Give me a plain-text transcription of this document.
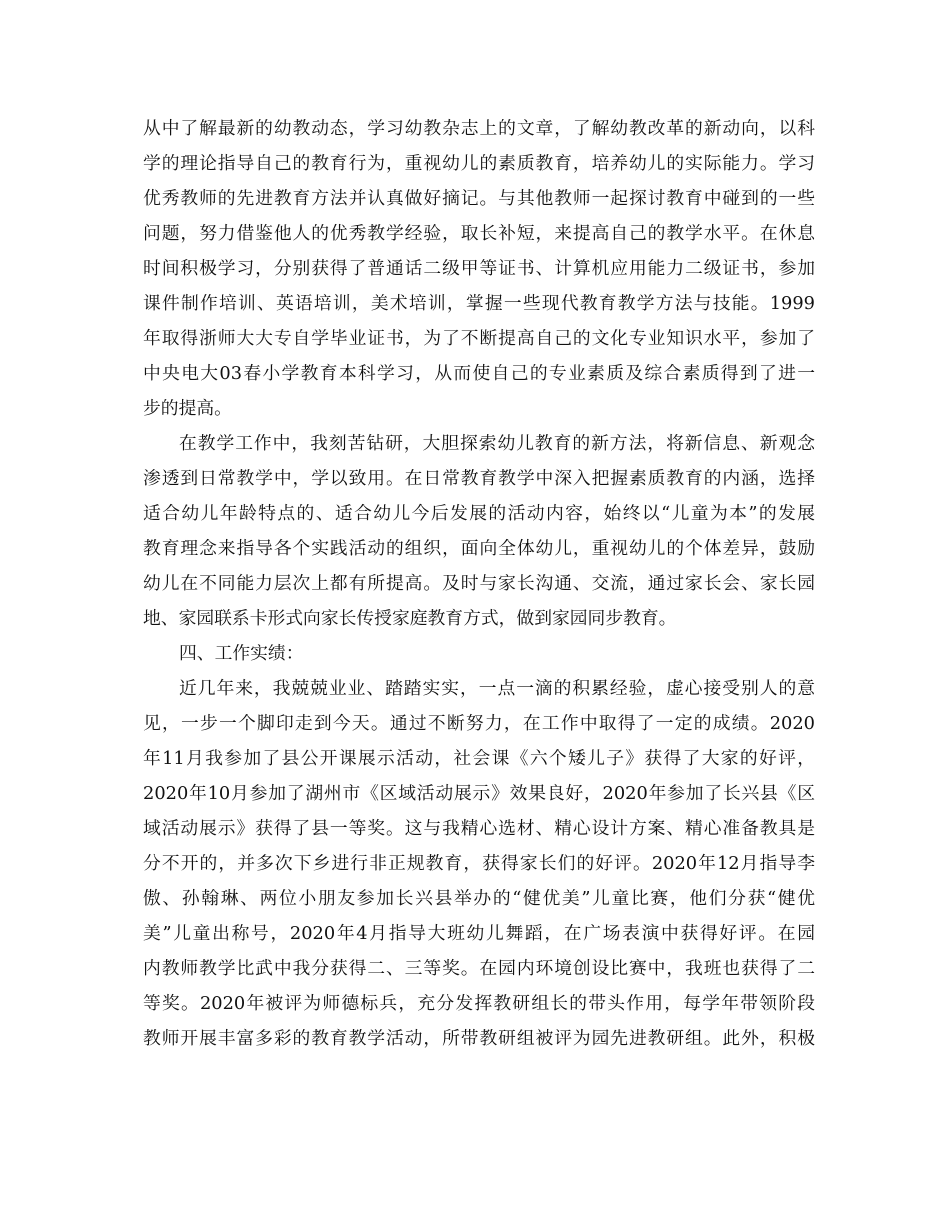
从中了解最新的幼教动态，学习幼教杂志上的文章，了解幼教改革的新动向，以科
学的理论指导自己的教育行为，重视幼儿的素质教育，培养幼儿的实际能力。学习
优秀教师的先进教育方法并认真做好摘记。与其他教师一起探讨教育中碰到的一些
问题，努力借鉴他人的优秀教学经验，取长补短，来提高自己的教学水平。在休息
时间积极学习，分别获得了普通话二级甲等证书、计算机应用能力二级证书，参加
课件制作培训、英语培训，美术培训，掌握一些现代教育教学方法与技能。1999
年取得浙师大大专自学毕业证书，为了不断提高自己的文化专业知识水平，参加了
中央电大03春小学教育本科学习，从而使自己的专业素质及综合素质得到了进一
步的提高。
在教学工作中，我刻苦钻研，大胆探索幼儿教育的新方法，将新信息、新观念
渗透到日常教学中，学以致用。在日常教育教学中深入把握素质教育的内涵，选择
适合幼儿年龄特点的、适合幼儿今后发展的活动内容，始终以“儿童为本”的发展
教育理念来指导各个实践活动的组织，面向全体幼儿，重视幼儿的个体差异，鼓励
幼儿在不同能力层次上都有所提高。及时与家长沟通、交流，通过家长会、家长园
地、家园联系卡形式向家长传授家庭教育方式，做到家园同步教育。
四、工作实绩：
近几年来，我兢兢业业、踏踏实实，一点一滴的积累经验，虚心接受别人的意
见，一步一个脚印走到今天。通过不断努力，在工作中取得了一定的成绩。2020
年11月我参加了县公开课展示活动，社会课《六个矮儿子》获得了大家的好评，
2020年10月参加了湖州市《区域活动展示》效果良好，2020年参加了长兴县《区
域活动展示》获得了县一等奖。这与我精心选材、精心设计方案、精心准备教具是
分不开的，并多次下乡进行非正规教育，获得家长们的好评。2020年12月指导李
傲、孙翰琳、两位小朋友参加长兴县举办的“健优美”儿童比赛，他们分获“健优
美”儿童出称号，2020年4月指导大班幼儿舞蹈，在广场表演中获得好评。在园
内教师教学比武中我分获得二、三等奖。在园内环境创设比赛中，我班也获得了二
等奖。2020年被评为师德标兵，充分发挥教研组长的带头作用，每学年带领阶段
教师开展丰富多彩的教育教学活动，所带教研组被评为园先进教研组。此外，积极
